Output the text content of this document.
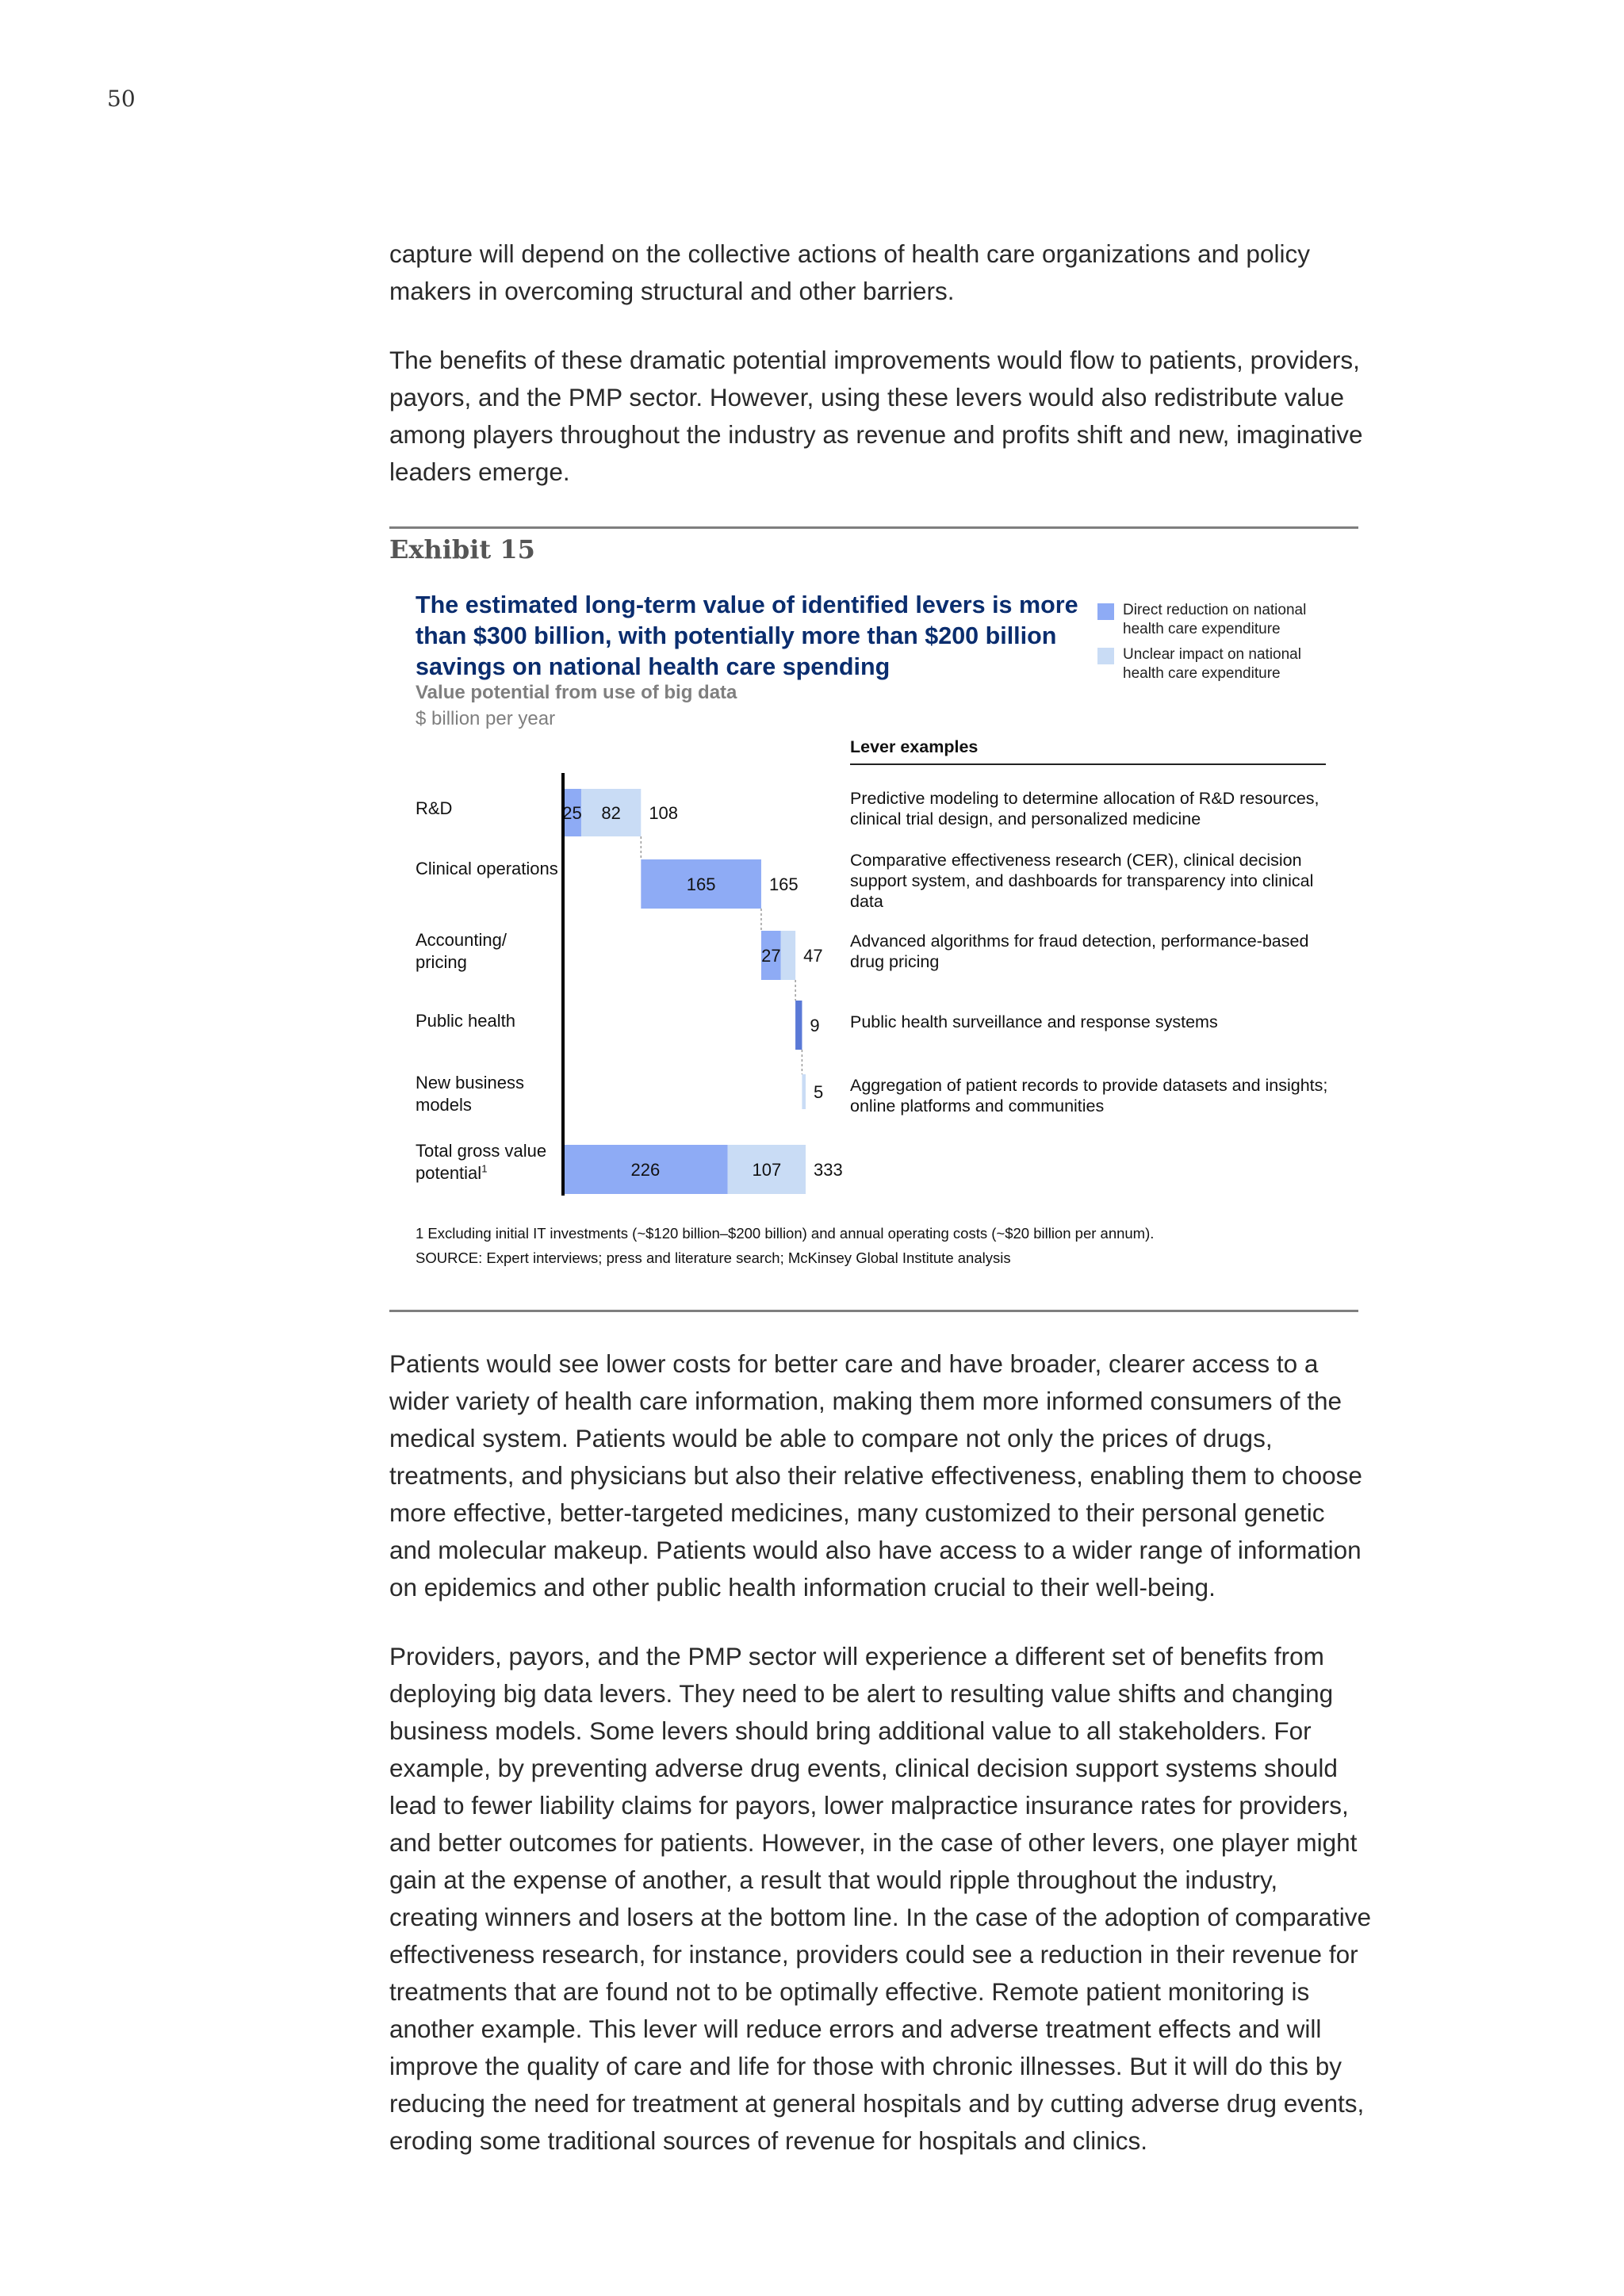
50

capture will depend on the collective actions of health care organizations and policy makers in overcoming structural and other barriers.

The benefits of these dramatic potential improvements would flow to patients, providers, payors, and the PMP sector. However, using these levers would also redistribute value among players throughout the industry as revenue and profits shift and new, imaginative leaders emerge.

Exhibit 15
The estimated long-term value of identified levers is more than $300 billion, with potentially more than $200 billion savings on national health care spending
Value potential from use of big data
$ billion per year
Direct reduction on national health care expenditure
Unclear impact on national health care expenditure
Lever examples
R&D
Clinical operations
Accounting/ pricing
Public health
New business models
Total gross value potential$^1$
Predictive modeling to determine allocation of R&D resources, clinical trial design, and personalized medicine
Comparative effectiveness research (CER), clinical decision support system, and dashboards for transparency into clinical data
Advanced algorithms for fraud detection, performance-based drug pricing
Public health surveillance and response systems
Aggregation of patient records to provide datasets and insights; online platforms and communities
25 82 108
165	165
27 47
9
5
226	107 333
1 Excluding initial IT investments (~$120 billion–$200 billion) and annual operating costs (~$20 billion per annum).
SOURCE: Expert interviews; press and literature search; McKinsey Global Institute analysis

Patients would see lower costs for better care and have broader, clearer access to a wider variety of health care information, making them more informed consumers of the medical system. Patients would be able to compare not only the prices of drugs, treatments, and physicians but also their relative effectiveness, enabling them to choose more effective, better-targeted medicines, many customized to their personal genetic and molecular makeup. Patients would also have access to a wider range of information on epidemics and other public health information crucial to their well-being.

Providers, payors, and the PMP sector will experience a different set of benefits from deploying big data levers. They need to be alert to resulting value shifts and changing business models. Some levers should bring additional value to all stakeholders. For example, by preventing adverse drug events, clinical decision support systems should lead to fewer liability claims for payors, lower malpractice insurance rates for providers, and better outcomes for patients. However, in the case of other levers, one player might gain at the expense of another, a result that would ripple throughout the industry, creating winners and losers at the bottom line. In the case of the adoption of comparative effectiveness research, for instance, providers could see a reduction in their revenue for treatments that are found not to be optimally effective. Remote patient monitoring is another example. This lever will reduce errors and adverse treatment effects and will improve the quality of care and life for those with chronic illnesses. But it will do this by reducing the need for treatment at general hospitals and by cutting adverse drug events, eroding some traditional sources of revenue for hospitals and clinics.
